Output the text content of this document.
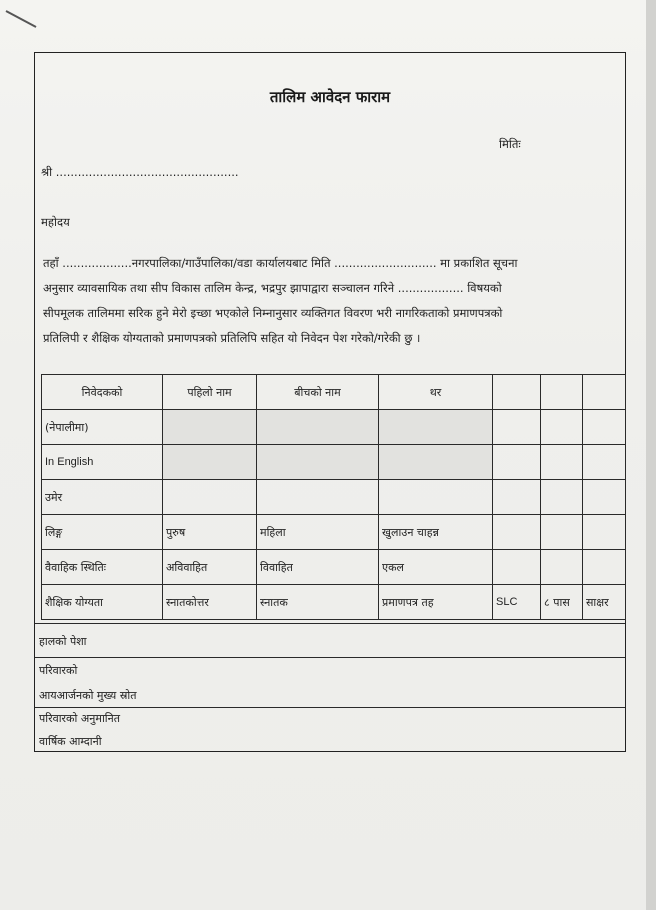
तालिम आवेदन फाराम
मितिः
श्री ..................................................
महोदय
तहाँ ...................नगरपालिका/गाउँपालिका/वडा कार्यालयबाट मिति ............................ मा प्रकाशित सूचना
अनुसार व्यावसायिक तथा सीप विकास तालिम केन्द्र, भद्रपुर झापाद्वारा सञ्चालन गरिने .................. विषयको
सीपमूलक तालिममा सरिक हुने मेरो इच्छा भएकोले निम्नानुसार व्यक्तिगत विवरण भरी नागरिकताको प्रमाणपत्रको
प्रतिलिपी र शैक्षिक योग्यताको प्रमाणपत्रको प्रतिलिपि सहित यो निवेदन पेश गरेको/गरेकी छु ।
निवेदकको	पहिलो नाम	बीचको नाम	थर			
(नेपालीमा)						
In English						
उमेर						
लिङ्ग	पुरुष	महिला	खुलाउन चाहन्न			
वैवाहिक स्थितिः	अविवाहित	विवाहित	एकल			
शैक्षिक योग्यता	स्नातकोत्तर	स्नातक	प्रमाणपत्र तह	SLC	८ पास	साक्षर
हालको पेशा
परिवारको
आयआर्जनको मुख्य स्रोत
परिवारको अनुमानित
वार्षिक आम्दानी
